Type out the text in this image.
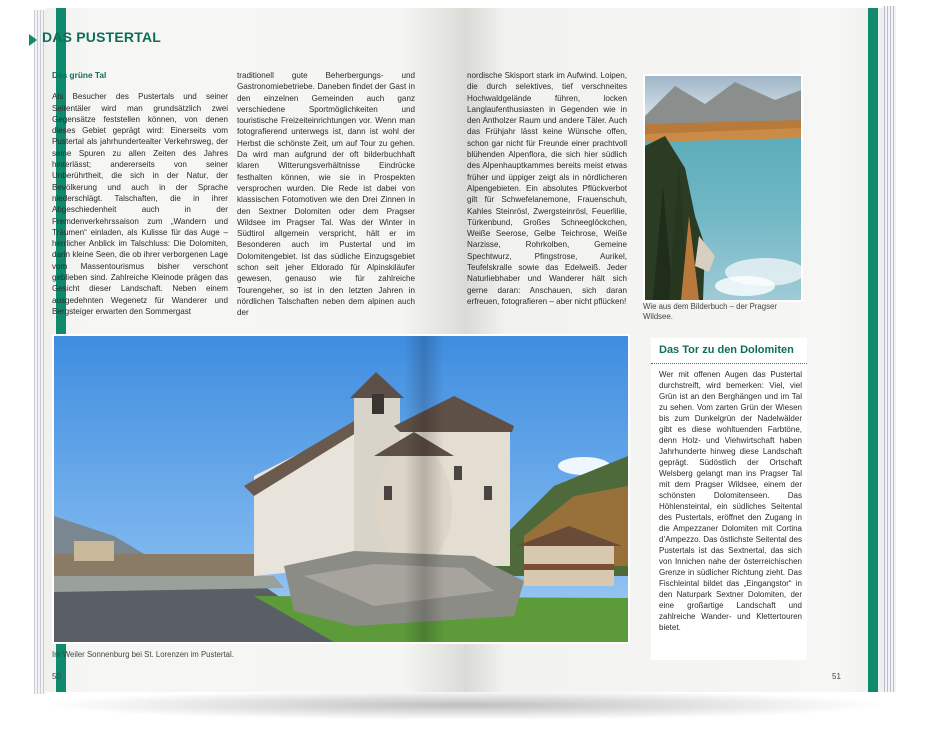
DAS PUSTERTAL
Das grüne Tal

Als Besucher des Pustertals und seiner Seitentäler wird man grundsätzlich zwei Gegensätze feststellen können, von denen dieses Gebiet geprägt wird: Einerseits vom Pustertal als jahrhundertealter Verkehrsweg, der seine Spuren zu allen Zeiten des Jahres hinterlässt; andererseits von seiner Unberührtheit, die sich in der Natur, der Bevölkerung und auch in der Sprache niederschlägt. Talschaften, die in ihrer Abgeschiedenheit auch in der Fremdenverkehrssaison zum „Wandern und Träumen“ einladen, als Kulisse für das Auge – herrlicher Anblick im Talschluss: Die Dolomiten, darin kleine Seen, die ob ihrer verborgenen Lage vom Massentourismus bisher verschont geblieben sind. Zahlreiche Kleinode prägen das Gesicht dieser Landschaft. Neben einem ausgedehnten Wegenetz für Wanderer und Bergsteiger erwarten den Sommergast

traditionell gute Beherbergungs- und Gastronomiebetriebe. Daneben findet der Gast in den einzelnen Gemeinden auch ganz verschiedene Sportmöglichkeiten und touristische Freizeiteinrichtungen vor. Wenn man fotografierend unterwegs ist, dann ist wohl der Herbst die schönste Zeit, um auf Tour zu gehen. Da wird man aufgrund der oft bilderbuchhaft klaren Witterungsverhältnisse Eindrücke festhalten können, wie sie in Prospekten versprochen wurden. Die Rede ist dabei von klassischen Fotomotiven wie den Drei Zinnen in den Sextner Dolomiten oder dem Pragser Wildsee im Pragser Tal. Was der Winter in Südtirol allgemein verspricht, hält er im Besonderen auch im Pustertal und im Dolomitengebiet. Ist das südliche Einzugsgebiet schon seit jeher Eldorado für Alpinskiläufer gewesen, genauso wie für zahlreiche Tourengeher, so ist in den letzten Jahren in nördlichen Talschaften neben dem alpinen auch der

nordische Skisport stark im Aufwind. Loipen, die durch selektives, tief verschneites Hochwaldgelände führen, locken Langlaufenthusiasten in Gegenden wie in den Antholzer Raum und andere Täler. Auch das Frühjahr lässt keine Wünsche offen, schon gar nicht für Freunde einer prachtvoll blühenden Alpenflora, die sich hier südlich des Alpenhauptkammes bereits meist etwas früher und üppiger zeigt als in nördlicheren Alpengebieten. Ein absolutes Pflückverbot gilt für Schwefelanemone, Frauenschuh, Kahles Steinrösl, Zwergsteinrösl, Feuerlilie, Türkenbund, Großes Schneeglöckchen, Weiße Seerose, Gelbe Teichrose, Weiße Narzisse, Rohrkolben, Gemeine Spechtwurz, Pfingstrose, Aurikel, Teufelskralle sowie das Edelweiß. Jeder Naturliebhaber und Wanderer hält sich gerne daran: Anschauen, sich daran erfreuen, fotografieren – aber nicht pflücken!

Wie aus dem Bilderbuch – der Pragser Wildsee.
Im Weiler Sonnenburg bei St. Lorenzen im Pustertal.
Das Tor zu den Dolomiten
Wer mit offenen Augen das Pustertal durchstreift, wird bemerken: Viel, viel Grün ist an den Berghängen und im Tal zu sehen. Vom zarten Grün der Wiesen bis zum Dunkelgrün der Nadelwälder gibt es diese wohltuenden Farbtöne, denn Holz- und Viehwirtschaft haben Jahrhunderte hinweg diese Landschaft geprägt. Südöstlich der Ortschaft Welsberg gelangt man ins Pragser Tal mit dem Pragser Wildsee, einem der schönsten Dolomitenseen. Das Höhlensteintal, ein südliches Seitental des Pustertals, eröffnet den Zugang in die Ampezzaner Dolomiten mit Cortina d’Ampezzo. Das östlichste Seitental des Pustertals ist das Sextnertal, das sich von Innichen nahe der österreichischen Grenze in südlicher Richtung zieht. Das Fischleintal bildet das „Eingangstor“ in den Naturpark Sextner Dolomiten, der eine großartige Landschaft und zahlreiche Wander- und Klettertouren bietet.
50	51
